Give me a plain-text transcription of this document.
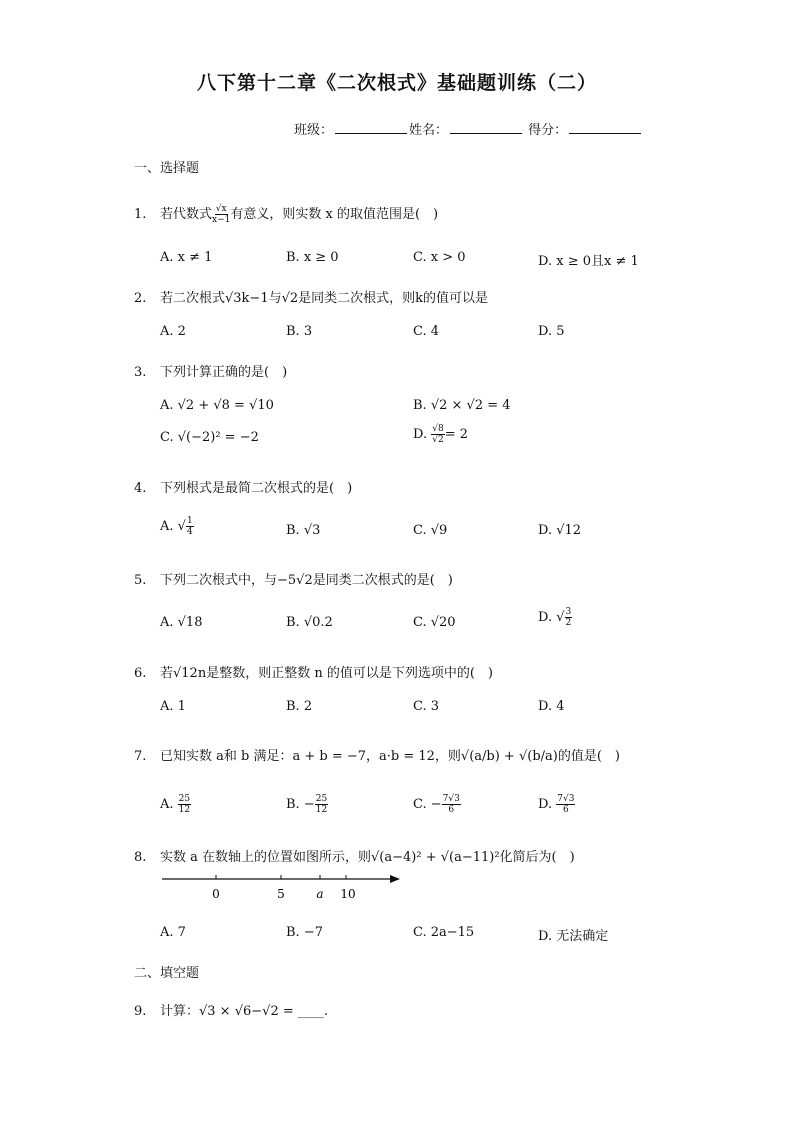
八下第十二章《二次根式》基础题训练（二）
班级：	姓名：	得分：
一、选择题
1. 若代数式 $\frac{√x}{x-1}$ 有意义，则实数 x 的取值范围是(　)
A. x ≠ 1	B. x ≥ 0	C. x > 0	D. x ≥ 0且x ≠ 1
2. 若二次根式√3k−1与√2是同类二次根式，则k的值可以是
A. 2	B. 3	C. 4	D. 5
3. 下列计算正确的是(　)
A. √2 + √8 = √10	B. √2 × √2 = 4
C. √(−2)² = −2	D. $\frac{√8}{√2} = 2$
4. 下列根式是最简二次根式的是(　)
A. √ $\frac{1}{4}$	B. √3	C. √9	D. √12
5. 下列二次根式中，与−5√2是同类二次根式的是(　)
A. √18	B. √0.2	C. √20	D. √ $\frac{3}{2}$
6. 若√12n是整数，则正整数 n 的值可以是下列选项中的(　)
A. 1	B. 2	C. 3	D. 4
7. 已知实数 a和 b 满足：a + b = −7，a·b = 12，则√(a/b) + √(b/a)的值是(　)
A. $\frac{25}{12}$	B. − $\frac{25}{12}$	C. − $\frac{7√3}{6}$	D. $\frac{7√3}{6}$
8. 实数 a 在数轴上的位置如图所示，则√(a−4)² + √(a−11)²化简后为(　)
0	5	a 10
A. 7	B. −7	C. 2a−15	D. 无法确定
二、填空题
9. 计算：√3 × √6−√2 = ____.
